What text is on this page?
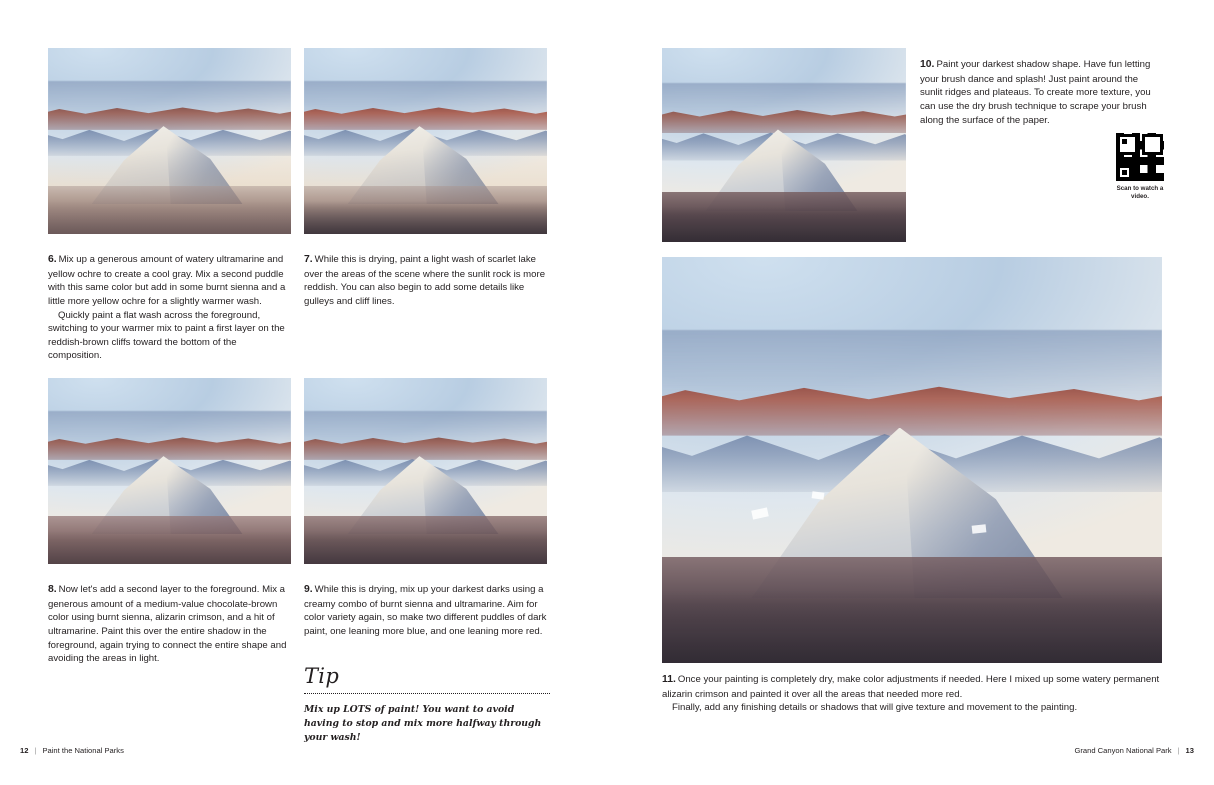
6. Mix up a generous amount of watery ultramarine and yellow ochre to create a cool gray. Mix a second puddle with this same color but add in some burnt sienna and a little more yellow ochre for a slightly warmer wash.

Quickly paint a flat wash across the foreground, switching to your warmer mix to paint a first layer on the reddish-brown cliffs toward the bottom of the composition.

7. While this is drying, paint a light wash of scarlet lake over the areas of the scene where the sunlit rock is more reddish. You can also begin to add some details like gulleys and cliff lines.

8. Now let's add a second layer to the foreground. Mix a generous amount of a medium-value chocolate-brown color using burnt sienna, alizarin crimson, and a hit of ultramarine. Paint this over the entire shadow in the foreground, again trying to connect the entire shape and avoiding the areas in light.

9. While this is drying, mix up your darkest darks using a creamy combo of burnt sienna and ultramarine. Aim for color variety again, so make two different puddles of dark paint, one leaning more blue, and one leaning more red.

Tip
Mix up LOTS of paint! You want to avoid having to stop and mix more halfway through your wash!
12 | Paint the National Parks

10. Paint your darkest shadow shape. Have fun letting your brush dance and splash! Just paint around the sunlit ridges and plateaus. To create more texture, you can use the dry brush technique to scrape your brush along the surface of the paper.

Scan to watch a video.

11. Once your painting is completely dry, make color adjustments if needed. Here I mixed up some watery permanent alizarin crimson and painted it over all the areas that needed more red.

Finally, add any finishing details or shadows that will give texture and movement to the painting.

Grand Canyon National Park | 13
